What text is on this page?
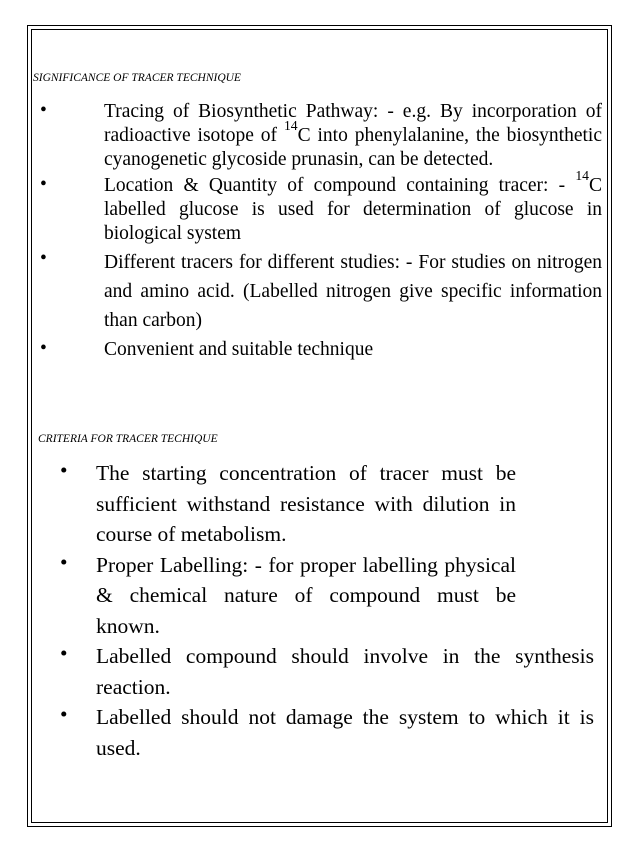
SIGNIFICANCE OF TRACER TECHNIQUE
•	Tracing of Biosynthetic Pathway: - e.g. By incorporation of radioactive isotope of $^{14}$C into phenylalanine, the biosynthetic cyanogenetic glycoside prunasin, can be detected.
•	Location & Quantity of compound containing tracer: - $^{14}$C labelled glucose is used for determination of glucose in biological system
•	Different tracers for different studies: - For studies on nitrogen and amino acid. (Labelled nitrogen give specific information than carbon)
•	Convenient and suitable technique
CRITERIA FOR TRACER TECHIQUE
•	The starting concentration of tracer must be sufficient withstand resistance with dilution in course of metabolism.
•	Proper Labelling: - for proper labelling physical & chemical nature of compound must be known.
•	Labelled compound should involve in the synthesis reaction.
•	Labelled should not damage the system to which it is used.
